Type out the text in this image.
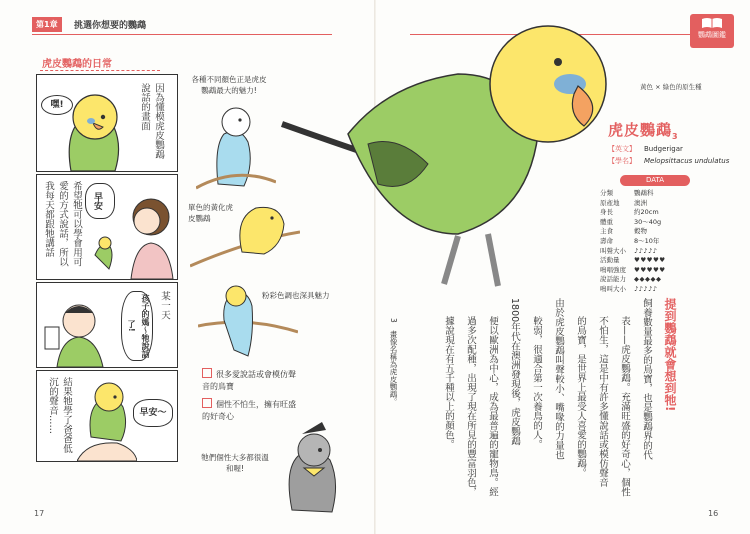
第1章	挑選你想要的鸚鵡
鸚鵡圖鑑
虎皮鸚鵡的日常
嘿!	因為懂模虎皮鸚鵡說話的畫面
希望牠可以學會用可愛的方式說話，所以我每天都跟牠講話	早安
孩子的媽～牠說話了!
某一天
結果牠學了爸爸低沉的聲音……	早安～
各種不同顏色正是虎皮鸚鵡最大的魅力!
單色的黃化虎皮鸚鵡
粉彩色調也深具魅力
很多愛說話或會模仿聲音的鳥寶
個性不怕生，擁有旺盛的好奇心
牠們個性大多都很溫和喔!
17
黃色 × 綠色的原生種
虎皮鸚鵡$_3$
【英文】 Budgerigar
【學名】 Melopsittacus undulatus
DATA
分類	鸚鵡科
原產地	澳洲
身長	約20cm
體重	30～40g
主食	穀物
壽命	8～10年
叫聲大小	♪♪♪♪♪
活動量	♥♥♥♥♥
鳴唱強度	♥♥♥♥♥
說話能力	◆◆◆◆◆
鳴叫大小	♪♪♪♪♪
提到鸚鵡就會想到牠!
飼養數量最多的鳥寶，也是鸚鵡界的代
表——虎皮鸚鵡。充滿旺盛的好奇心，個性
不怕生，這是中有許多懂說話或模仿聲音
的鳥寶，是世界上最受人喜愛的鸚鵡。
由於虎皮鸚鵡叫聲較小、嘴喙的力量也
較弱，很適合第一次養鳥的人。
1800年代在澳洲發現後，虎皮鸚鵡
便以歐洲為中心，成為最普遍的寵物鳥。經
過多次配種，出現了現在所見的豐富羽色，
據說現在有五千種以上的顏色。
3　畫像名稱為虎皮鸚鵡。
16
